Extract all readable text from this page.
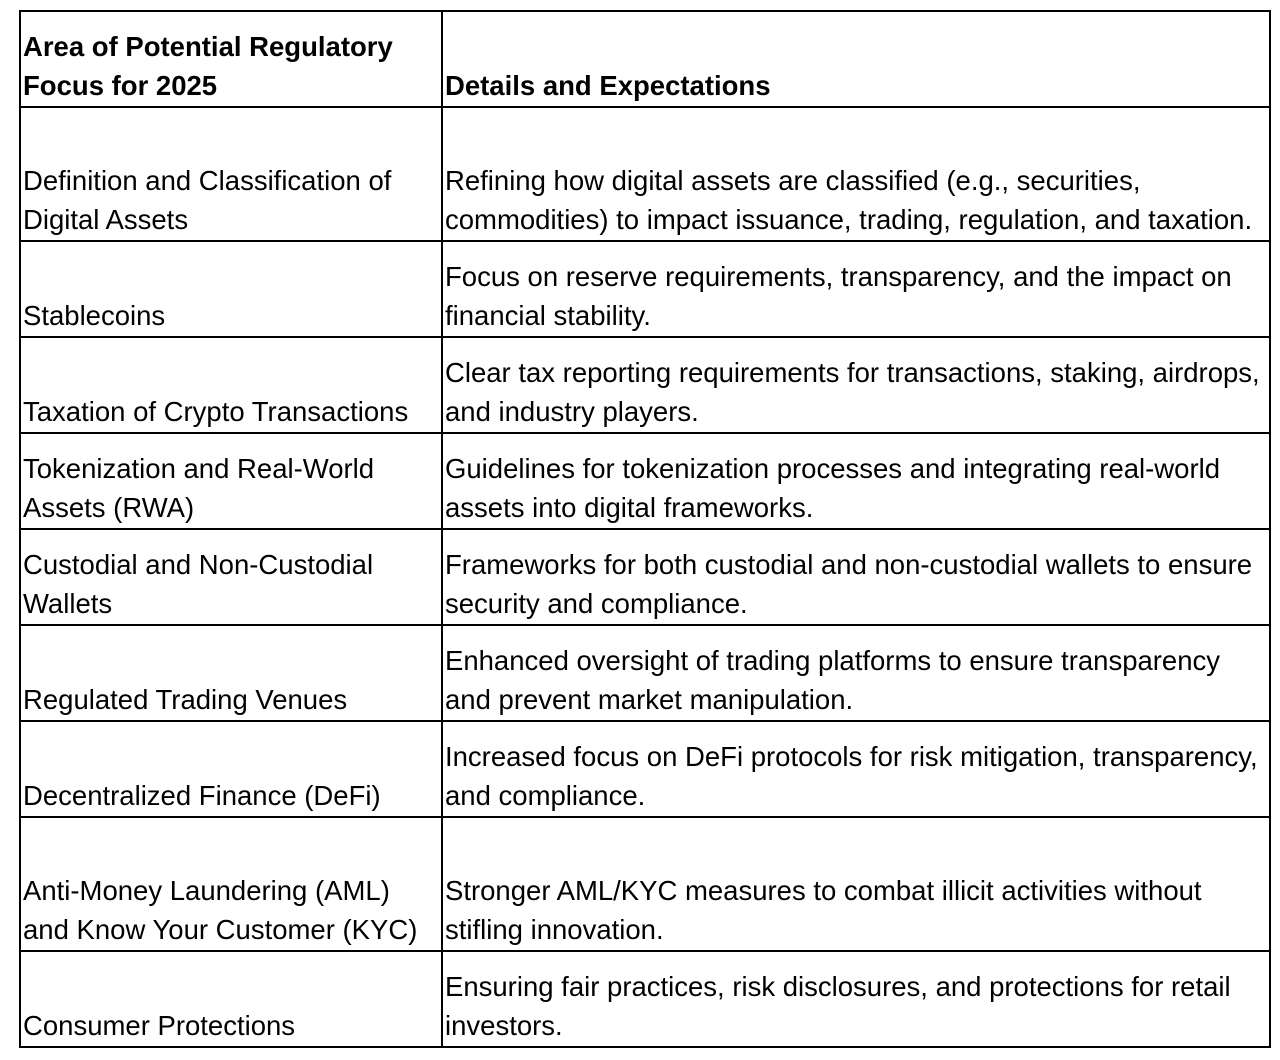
Area of Potential Regulatory Focus for 2025	Details and Expectations
Definition and Classification of Digital Assets	Refining how digital assets are classified (e.g., securities, commodities) to impact issuance, trading, regulation, and taxation.
Stablecoins	Focus on reserve requirements, transparency, and the impact on financial stability.
Taxation of Crypto Transactions	Clear tax reporting requirements for transactions, staking, airdrops, and industry players.
Tokenization and Real-World Assets (RWA)	Guidelines for tokenization processes and integrating real-world assets into digital frameworks.
Custodial and Non-Custodial Wallets	Frameworks for both custodial and non-custodial wallets to ensure security and compliance.
Regulated Trading Venues	Enhanced oversight of trading platforms to ensure transparency and prevent market manipulation.
Decentralized Finance (DeFi)	Increased focus on DeFi protocols for risk mitigation, transparency, and compliance.
Anti-Money Laundering (AML) and Know Your Customer (KYC)	Stronger AML/KYC measures to combat illicit activities without stifling innovation.
Consumer Protections	Ensuring fair practices, risk disclosures, and protections for retail investors.
